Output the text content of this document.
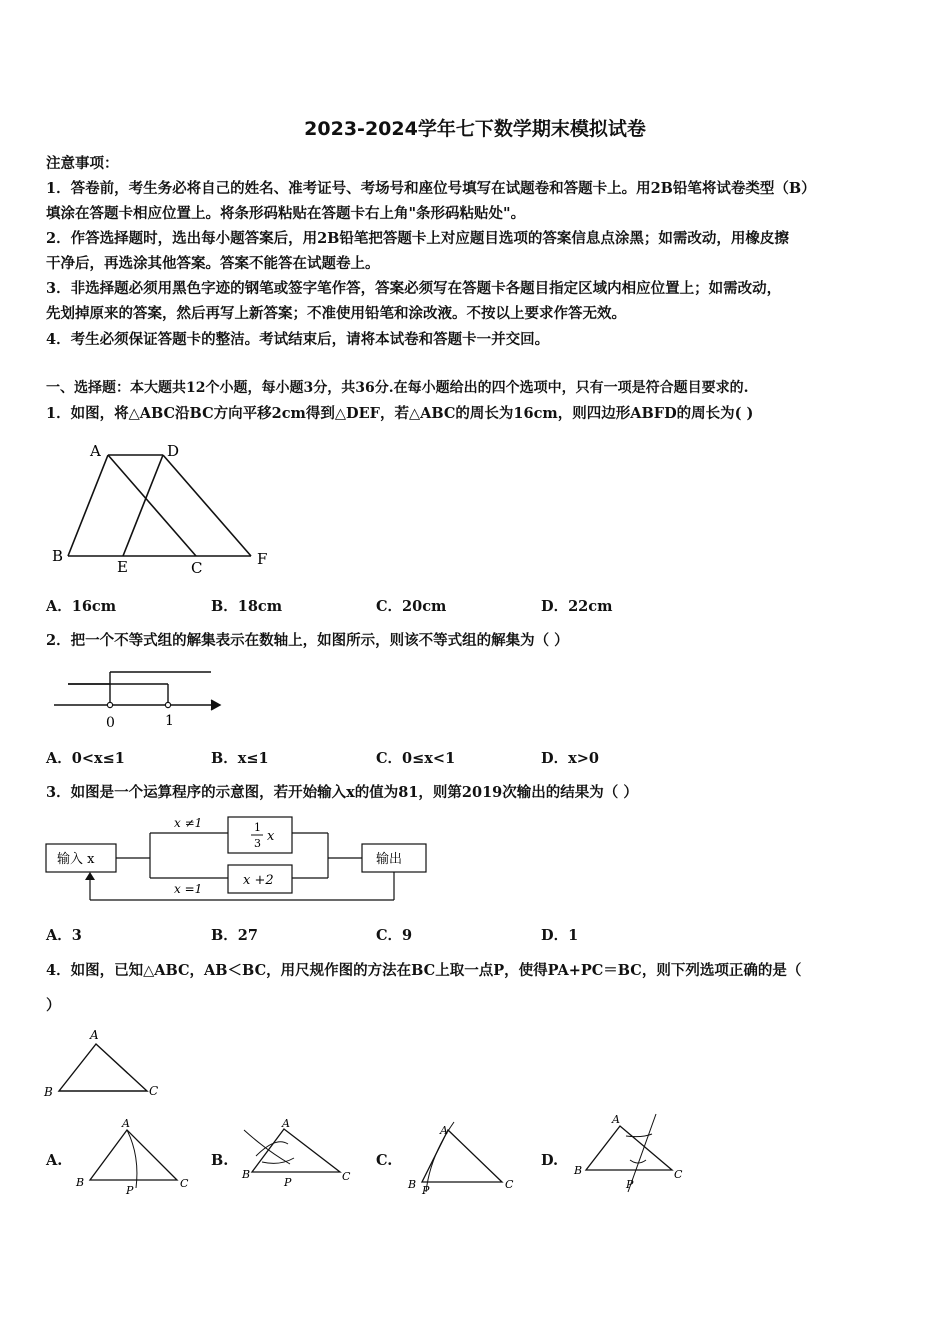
2023-2024学年七下数学期末模拟试卷
注意事项：
1．答卷前，考生务必将自己的姓名、准考证号、考场号和座位号填写在试题卷和答题卡上。用2B铅笔将试卷类型（B）
填涂在答题卡相应位置上。将条形码粘贴在答题卡右上角"条形码粘贴处"。
2．作答选择题时，选出每小题答案后，用2B铅笔把答题卡上对应题目选项的答案信息点涂黑；如需改动，用橡皮擦
干净后，再选涂其他答案。答案不能答在试题卷上。
3．非选择题必须用黑色字迹的钢笔或签字笔作答，答案必须写在答题卡各题目指定区域内相应位置上；如需改动，
先划掉原来的答案，然后再写上新答案；不准使用铅笔和涂改液。不按以上要求作答无效。
4．考生必须保证答题卡的整洁。考试结束后，请将本试卷和答题卡一并交回。
一、选择题：本大题共12个小题，每小题3分，共36分.在每小题给出的四个选项中，只有一项是符合题目要求的.
1．如图，将△ABC沿BC方向平移2cm得到△DEF，若△ABC的周长为16cm，则四边形ABFD的周长为( )
A	D
B
E	C	F
A．16cm	B．18cm	C．20cm	D．22cm
2．把一个不等式组的解集表示在数轴上，如图所示，则该不等式组的解集为（ ）
0	1
A．0<x≤1	B．x≤1	C．0≤x<1	D．x>0
3．如图是一个运算程序的示意图，若开始输入x的值为81，则第2019次输出的结果为（ ）
输入 x	输出
x ≠1
x =1
1
3 x
x +2
A．3	B．27	C．9	D．1
4．如图，已知△ABC，AB＜BC，用尺规作图的方法在BC上取一点P，使得PA+PC＝BC，则下列选项正确的是（
）
A
B	C
A.
A
B	C
P
B.
A
B	C
P
C.
A
B	C
P
D.
A
B	C
P
